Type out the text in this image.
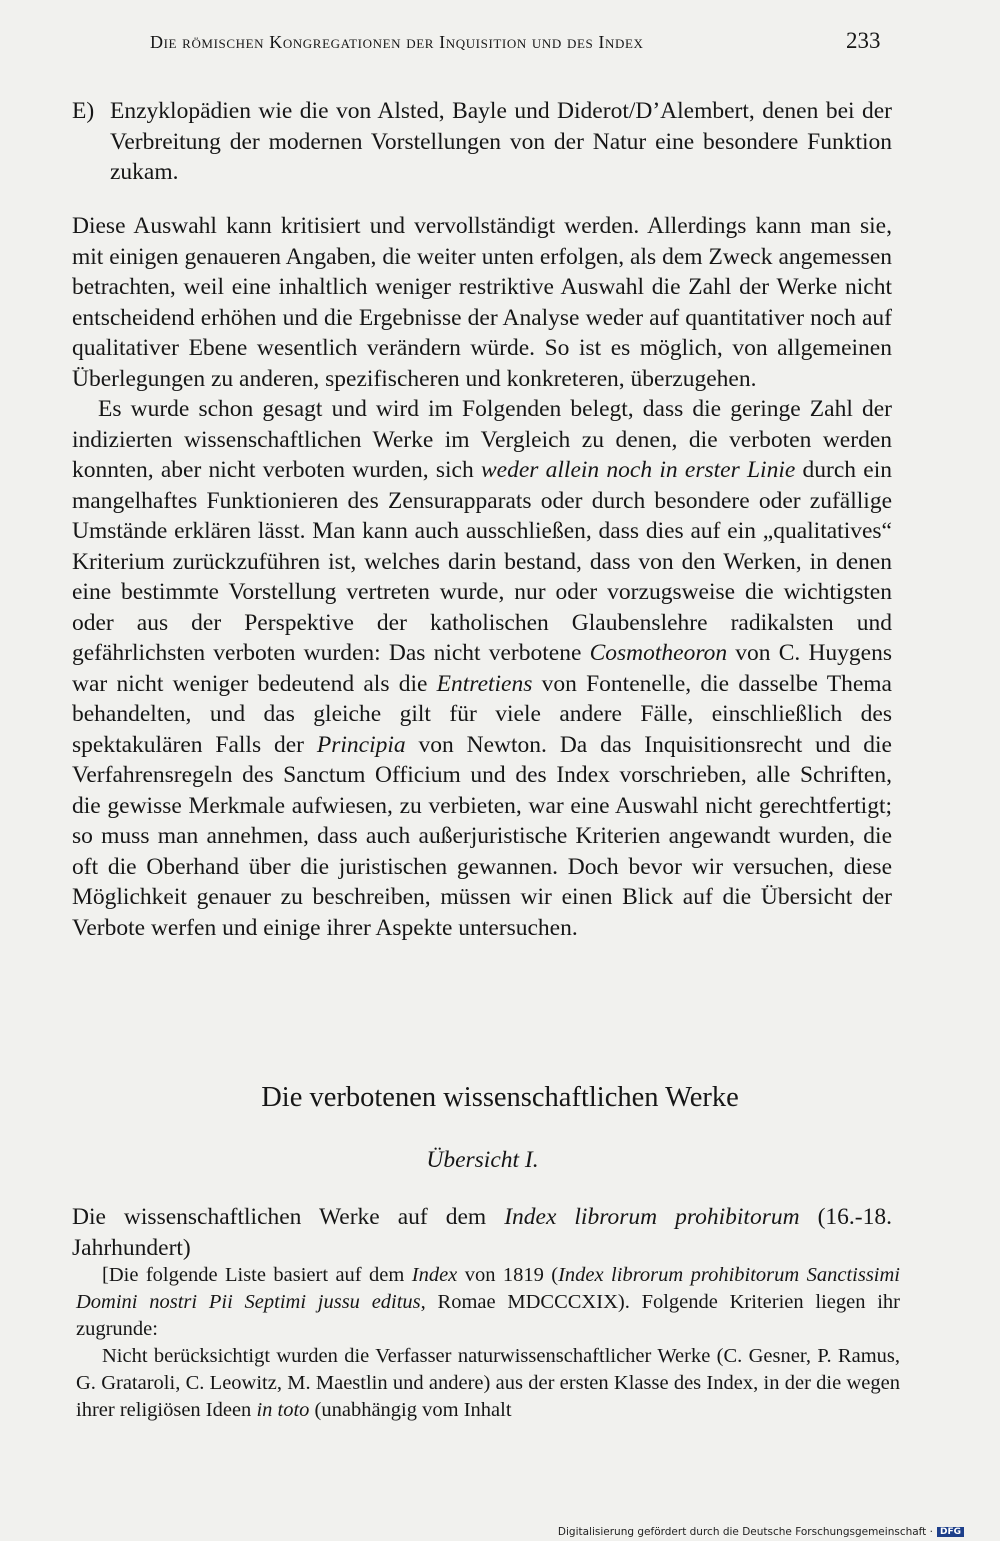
Die römischen Kongregationen der Inquisition und des Index	233
E) Enzyklopädien wie die von Alsted, Bayle und Diderot/D’Alembert, denen bei der Verbreitung der modernen Vorstellungen von der Natur eine besondere Funktion zukam.

Diese Auswahl kann kritisiert und vervollständigt werden. Allerdings kann man sie, mit einigen genaueren Angaben, die weiter unten erfolgen, als dem Zweck angemessen betrachten, weil eine inhaltlich weniger restriktive Auswahl die Zahl der Werke nicht entscheidend erhöhen und die Ergebnisse der Analyse weder auf quantitativer noch auf qualitativer Ebene wesentlich verändern würde. So ist es möglich, von allgemeinen Überlegungen zu anderen, spezifischeren und konkreteren, überzugehen.

Es wurde schon gesagt und wird im Folgenden belegt, dass die geringe Zahl der indizierten wissenschaftlichen Werke im Vergleich zu denen, die verboten werden konnten, aber nicht verboten wurden, sich weder allein noch in erster Linie durch ein mangelhaftes Funktionieren des Zensurapparats oder durch besondere oder zufällige Umstände erklären lässt. Man kann auch ausschließen, dass dies auf ein „qualitatives“ Kriterium zurückzuführen ist, welches darin bestand, dass von den Werken, in denen eine bestimmte Vorstellung vertreten wurde, nur oder vorzugsweise die wichtigsten oder aus der Perspektive der katholischen Glaubenslehre radikalsten und gefährlichsten verboten wurden: Das nicht verbotene Cosmotheoron von C. Huygens war nicht weniger bedeutend als die Entretiens von Fontenelle, die dasselbe Thema behandelten, und das gleiche gilt für viele andere Fälle, einschließlich des spektakulären Falls der Principia von Newton. Da das Inquisitionsrecht und die Verfahrensregeln des Sanctum Officium und des Index vorschrieben, alle Schriften, die gewisse Merkmale aufwiesen, zu verbieten, war eine Auswahl nicht gerechtfertigt; so muss man annehmen, dass auch außerjuristische Kriterien angewandt wurden, die oft die Oberhand über die juristischen gewannen. Doch bevor wir versuchen, diese Möglichkeit genauer zu beschreiben, müssen wir einen Blick auf die Übersicht der Verbote werfen und einige ihrer Aspekte untersuchen.

Die verbotenen wissenschaftlichen Werke
Übersicht I.
Die wissenschaftlichen Werke auf dem Index librorum prohibitorum (16.-18. Jahrhundert)

[Die folgende Liste basiert auf dem Index von 1819 (Index librorum prohibitorum Sanctissimi Domini nostri Pii Septimi jussu editus, Romae MDCCCXIX). Folgende Kriterien liegen ihr zugrunde:

Nicht berücksichtigt wurden die Verfasser naturwissenschaftlicher Werke (C. Gesner, P. Ramus, G. Grataroli, C. Leowitz, M. Maestlin und andere) aus der ersten Klasse des Index, in der die wegen ihrer religiösen Ideen in toto (unabhängig vom Inhalt

Digitalisierung gefördert durch die Deutsche Forschungsgemeinschaft · DFG
